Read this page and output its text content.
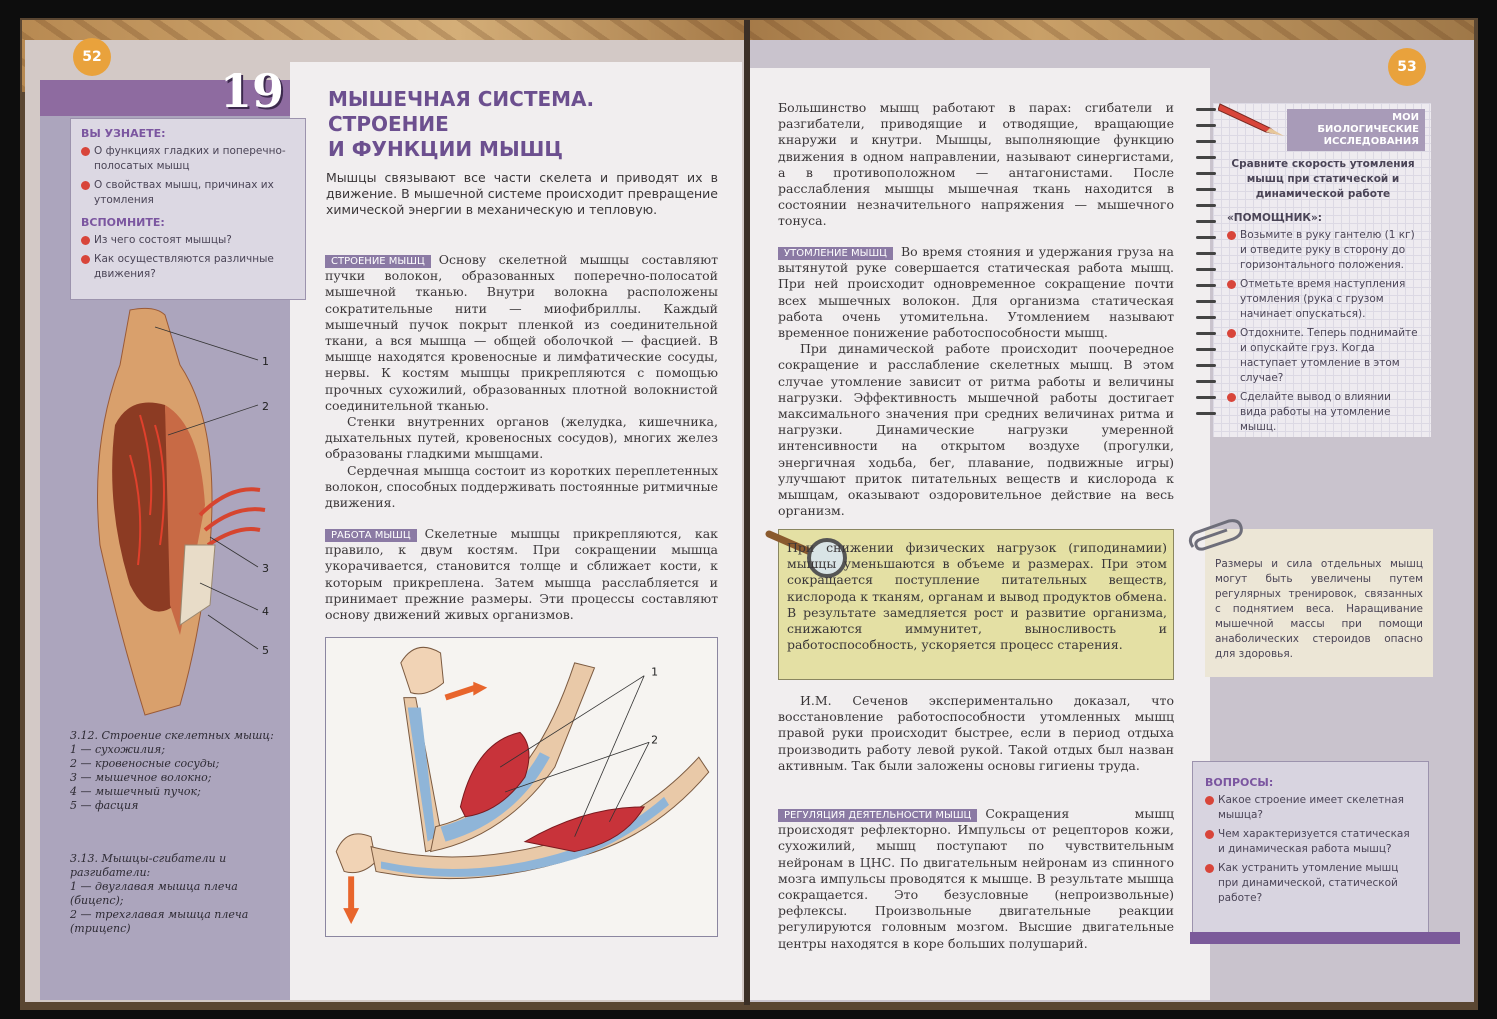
52
53
19
ВЫ УЗНАЕТЕ:
О функциях гладких и поперечно-полосатых мышц
О свойствах мышц, причинах их утомления
ВСПОМНИТЕ:
Из чего состоят мышцы?
Как осуществляются различные движения?
МЫШЕЧНАЯ СИСТЕМА.
СТРОЕНИЕ
И ФУНКЦИИ МЫШЦ
Мышцы связывают все части скелета и приводят их в движение. В мышечной системе происходит превращение химической энергии в механическую и тепловую.
СТРОЕНИЕ МЫШЦ Основу скелетной мышцы составляют пучки волокон, образованных поперечно-полосатой мышечной тканью. Внутри волокна расположены сократительные нити — миофибриллы. Каждый мышечный пучок покрыт пленкой из соединительной ткани, а вся мышца — общей оболочкой — фасцией. В мышце находятся кровеносные и лимфатические сосуды, нервы. К костям мышцы прикрепляются с помощью прочных сухожилий, образованных плотной волокнистой соединительной тканью.
Стенки внутренних органов (желудка, кишечника, дыхательных путей, кровеносных сосудов), многих желез образованы гладкими мышцами.
Сердечная мышца состоит из коротких переплетенных волокон, способных поддерживать постоянные ритмичные движения.
РАБОТА МЫШЦ Скелетные мышцы прикрепляются, как правило, к двум костям. При сокращении мышца укорачивается, становится толще и сближает кости, к которым прикреплена. Затем мышца расслабляется и принимает прежние размеры. Эти процессы составляют основу движений живых организмов.
1
2
3
4
5
3.12. Строение скелетных мышц:
1 — сухожилия;
2 — кровеносные сосуды;
3 — мышечное волокно;
4 — мышечный пучок;
5 — фасция
3.13. Мышцы-сгибатели и разгибатели:
1 — двуглавая мышца плеча (бицепс);
2 — трехглавая мышца плеча (трицепс)
1
2
Большинство мышц работают в парах: сгибатели и разгибатели, приводящие и отводящие, вращающие кнаружи и кнутри. Мышцы, выполняющие функцию движения в одном направлении, называют синергистами, а в противоположном — антагонистами. После расслабления мышцы мышечная ткань находится в состоянии незначительного напряжения — мышечного тонуса.
УТОМЛЕНИЕ МЫШЦ Во время стояния и удержания груза на вытянутой руке совершается статическая работа мышц. При ней происходит одновременное сокращение почти всех мышечных волокон. Для организма статическая работа очень утомительна. Утомлением называют временное понижение работоспособности мышц.
При динамической работе происходит поочередное сокращение и расслабление скелетных мышц. В этом случае утомление зависит от ритма работы и величины нагрузки. Эффективность мышечной работы достигает максимального значения при средних величинах ритма и нагрузки. Динамические нагрузки умеренной интенсивности на открытом воздухе (прогулки, энергичная ходьба, бег, плавание, подвижные игры) улучшают приток питательных веществ и кислорода к мышцам, оказывают оздоровительное действие на весь организм.
При снижении физических нагрузок (гиподинамии) мышцы уменьшаются в объеме и размерах. При этом сокращается поступление питательных веществ, кислорода к тканям, органам и вывод продуктов обмена. В результате замедляется рост и развитие организма, снижаются иммунитет, выносливость и работоспособность, ускоряется процесс старения.
И.М. Сеченов экспериментально доказал, что восстановление работоспособности утомленных мышц правой руки происходит быстрее, если в период отдыха производить работу левой рукой. Такой отдых был назван активным. Так были заложены основы гигиены труда.
РЕГУЛЯЦИЯ ДЕЯТЕЛЬНОСТИ МЫШЦ Сокращения мышц происходят рефлекторно. Импульсы от рецепторов кожи, сухожилий, мышц поступают по чувствительным нейронам в ЦНС. По двигательным нейронам из спинного мозга импульсы проводятся к мышце. В результате мышца сокращается. Это безусловные (непроизвольные) рефлексы. Произвольные двигательные реакции регулируются головным мозгом. Высшие двигательные центры находятся в коре больших полушарий.
МОИ БИОЛОГИЧЕСКИЕ ИССЛЕДОВАНИЯ
Сравните скорость утомления мышц при статической и динамической работе
«ПОМОЩНИК»:
Возьмите в руку гантелю (1 кг) и отведите руку в сторону до горизонтального положения.
Отметьте время наступления утомления (рука с грузом начинает опускаться).
Отдохните. Теперь поднимайте и опускайте груз. Когда наступает утомление в этом случае?
Сделайте вывод о влиянии вида работы на утомление мышц.
Размеры и сила отдельных мышц могут быть увеличены путем регулярных тренировок, связанных с поднятием веса. Наращивание мышечной массы при помощи анаболических стероидов опасно для здоровья.
ВОПРОСЫ:
Какое строение имеет скелетная мышца?
Чем характеризуется статическая и динамическая работа мышц?
Как устранить утомление мышц при динамической, статической работе?
